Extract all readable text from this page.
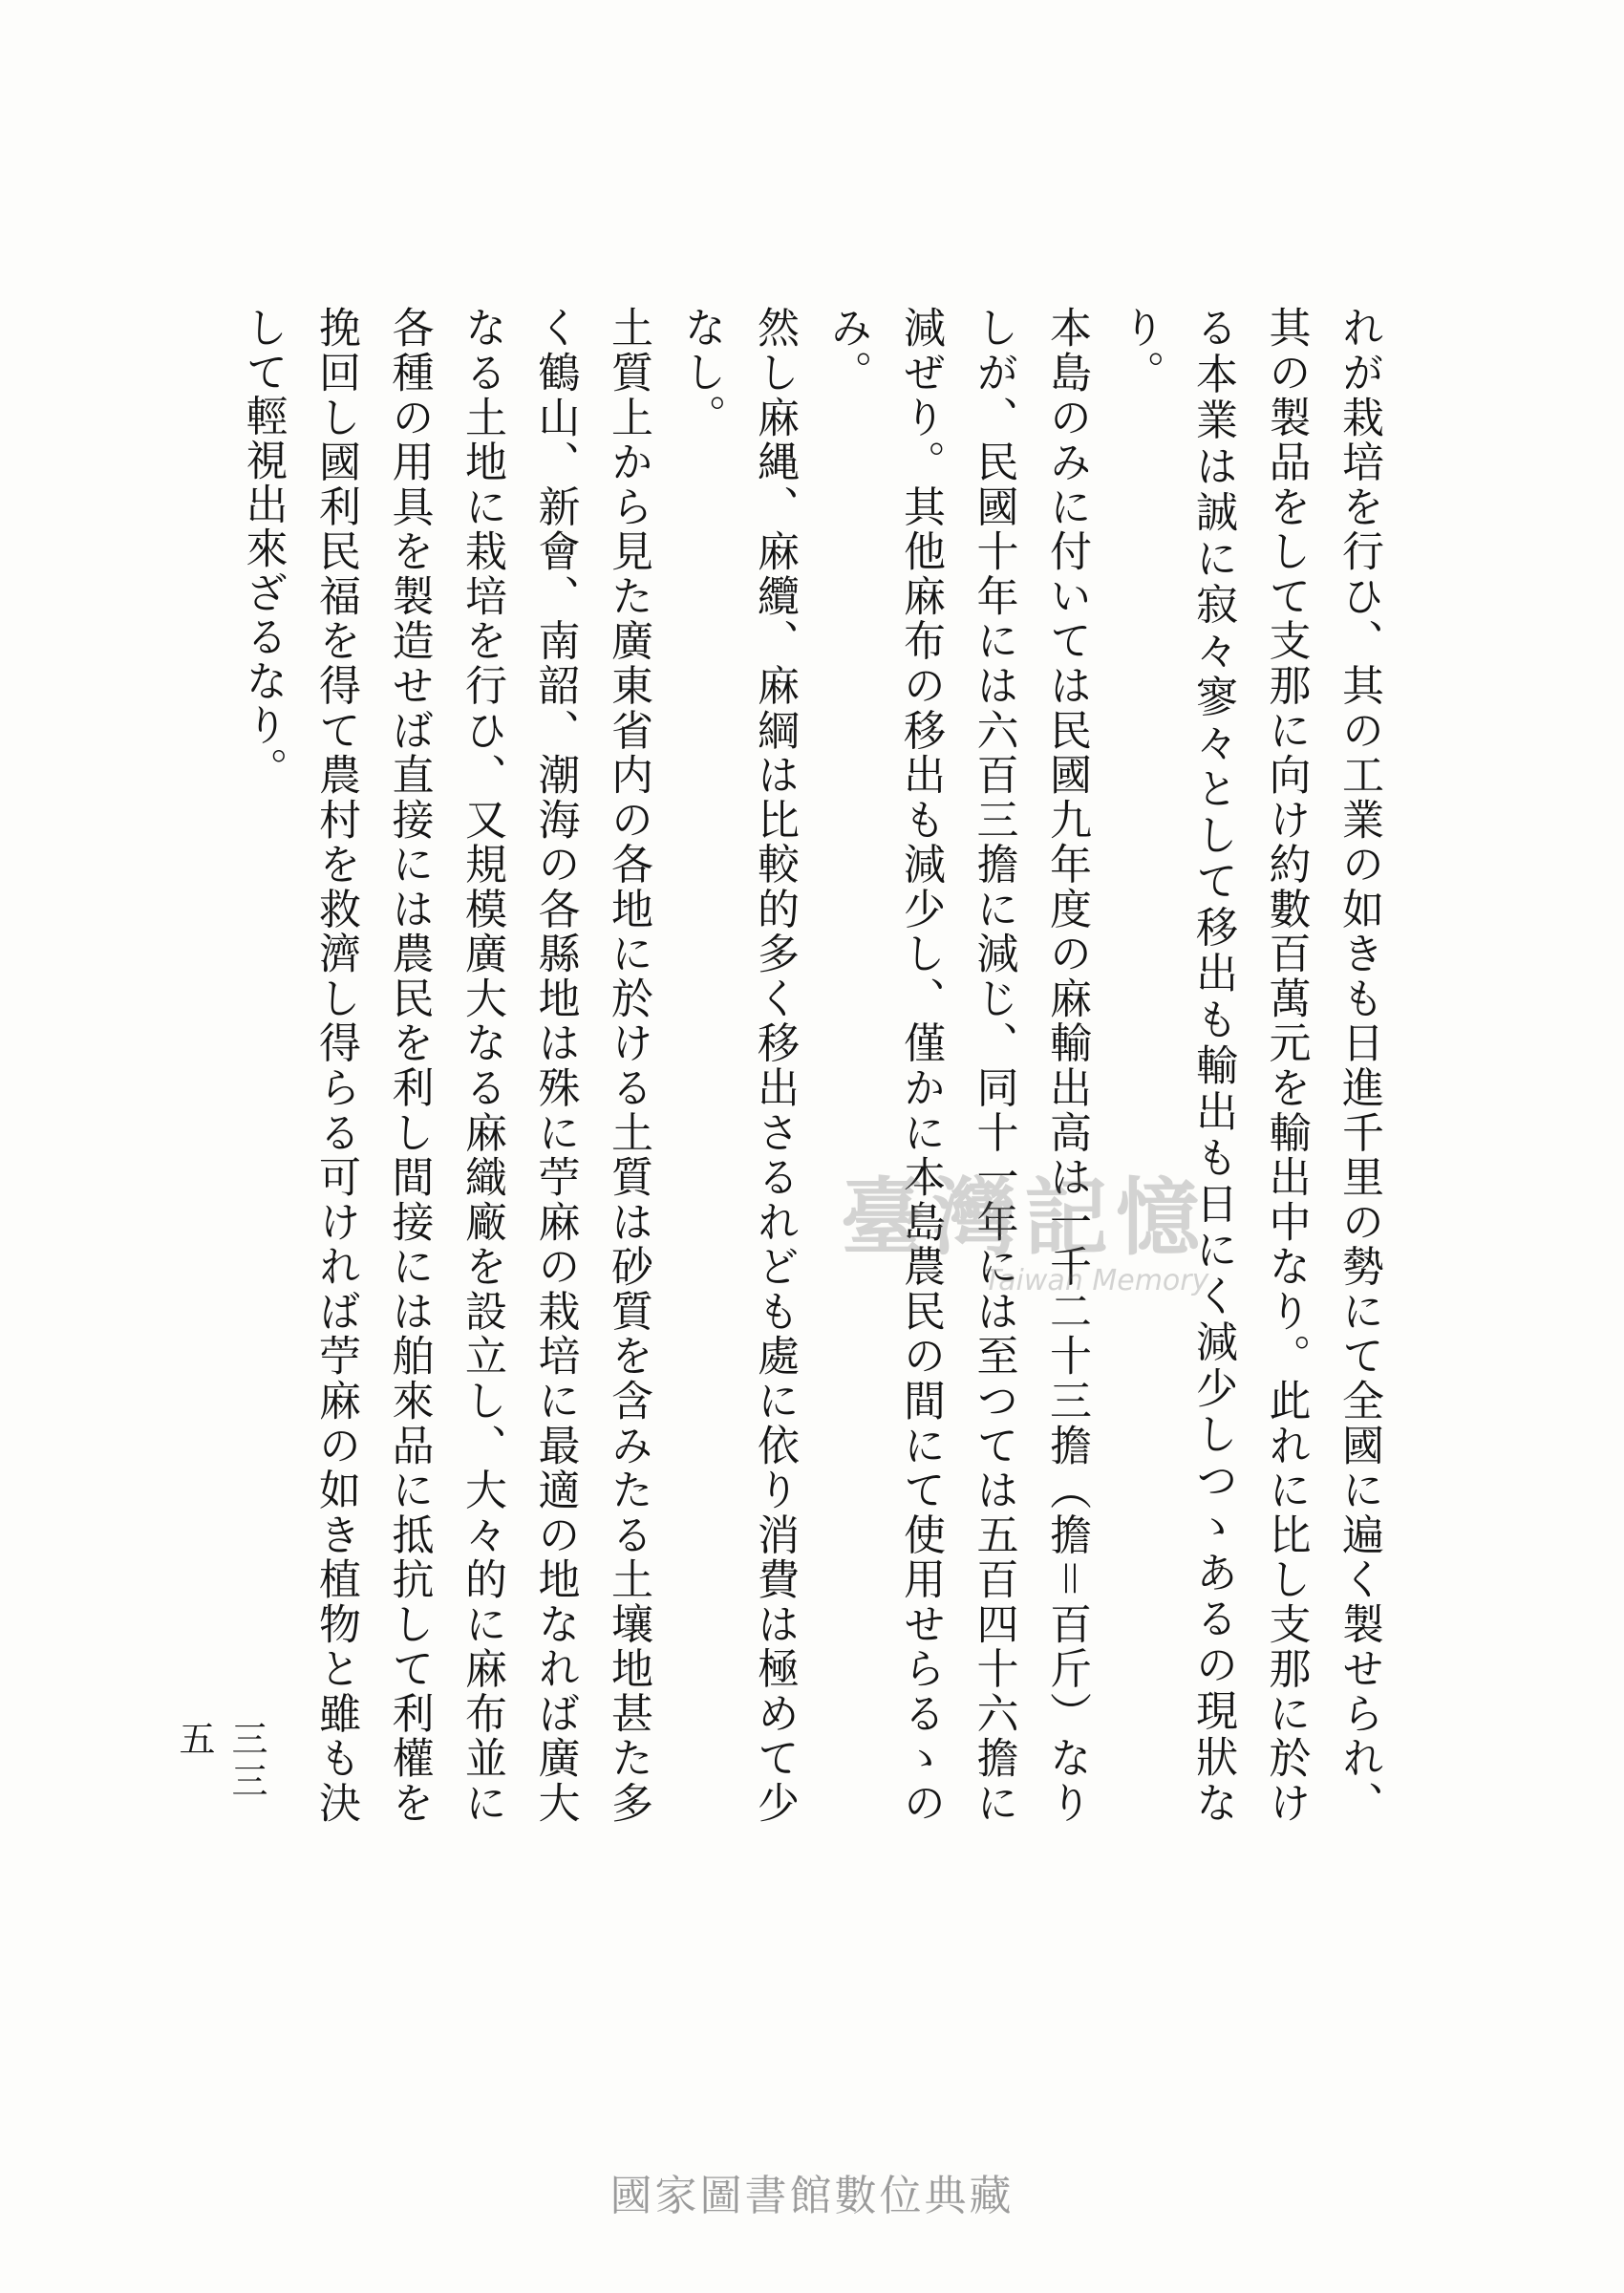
れが栽培を行ひ、其の工業の如きも日進千里の勢にて全國に遍く製せられ、其の製品をして支那に向け約數百萬元を輸出中なり。此れに比し支那に於ける本業は誠に寂々寥々として移出も輸出も日にく減少しつゝあるの現狀なり。

本島のみに付いては民國九年度の麻輸出高は一千二十三擔（擔＝百斤）なりしが、民國十年には六百三擔に減じ、同十一年には至つては五百四十六擔に減ぜり。其他麻布の移出も減少し、僅かに本島農民の間にて使用せらるゝのみ。

然し麻縄、麻纜、麻綱は比較的多く移出さるれども處に依り消費は極めて少なし。

土質上から見た廣東省内の各地に於ける土質は砂質を含みたる土壤地甚た多く鶴山、新會、南韶、潮海の各縣地は殊に苧麻の栽培に最適の地なれば廣大なる土地に栽培を行ひ、又規模廣大なる麻織廠を設立し、大々的に麻布並に各種の用具を製造せば直接には農民を利し間接には舶來品に抵抗して利權を挽回し國利民福を得て農村を救濟し得らる可ければ苧麻の如き植物と雖も決して輕視出來ざるなり。

三三五
臺灣記憶
Taiwan Memory
國家圖書館數位典藏
